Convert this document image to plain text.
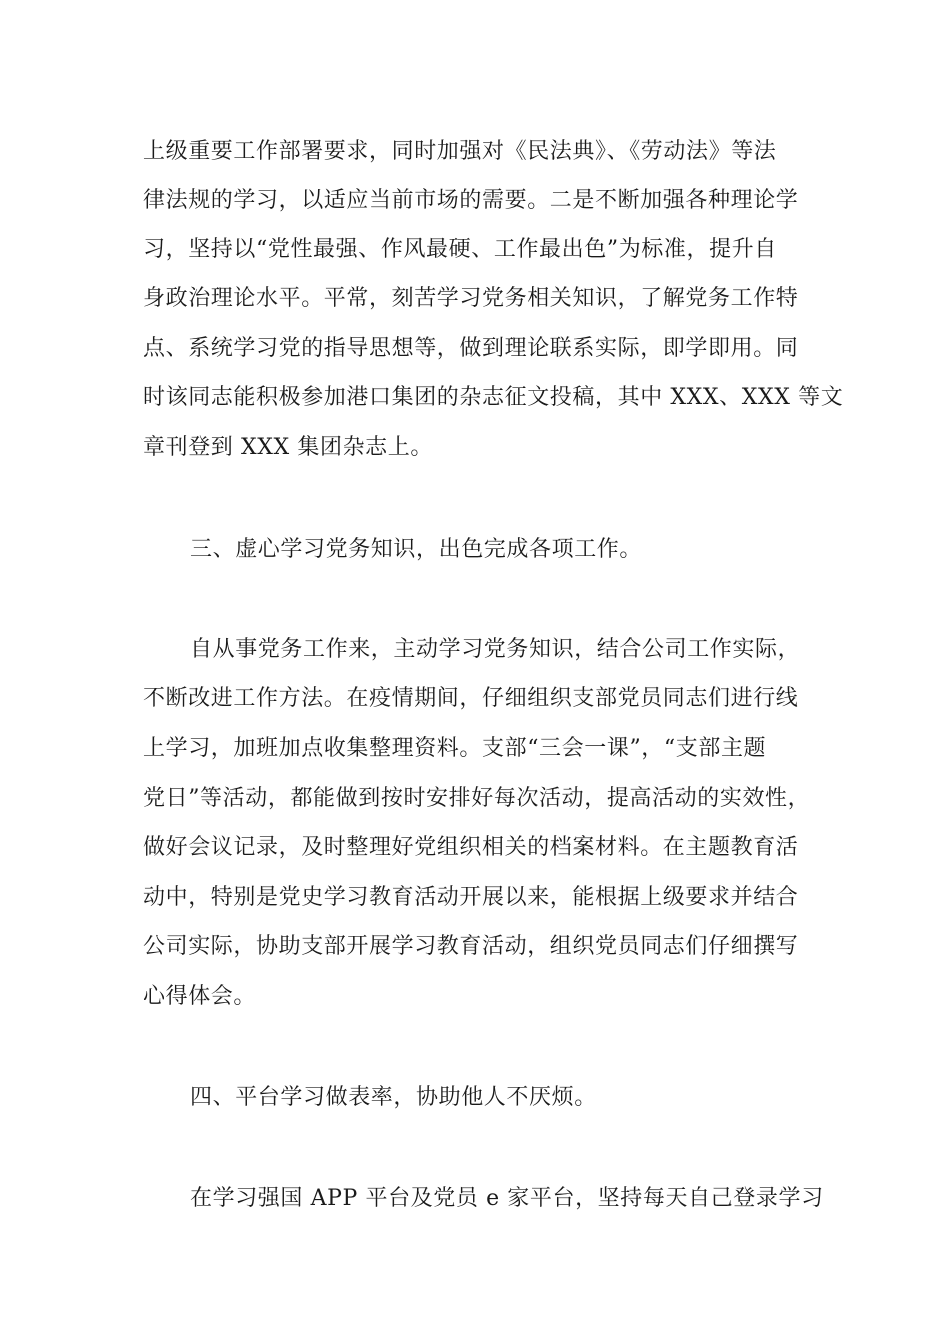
上级重要工作部署要求，同时加强对《民法典》、《劳动法》等法
律法规的学习，以适应当前市场的需要。二是不断加强各种理论学
习，坚持以“党性最强、作风最硬、工作最出色”为标准，提升自
身政治理论水平。平常，刻苦学习党务相关知识，了解党务工作特
点、系统学习党的指导思想等，做到理论联系实际，即学即用。同
时该同志能积极参加港口集团的杂志征文投稿，其中 XXX、XXX 等文
章刊登到 XXX 集团杂志上。
三、虚心学习党务知识，出色完成各项工作。
自从事党务工作来，主动学习党务知识，结合公司工作实际，
不断改进工作方法。在疫情期间，仔细组织支部党员同志们进行线
上学习，加班加点收集整理资料。支部“三会一课”，“支部主题
党日”等活动，都能做到按时安排好每次活动，提高活动的实效性，
做好会议记录，及时整理好党组织相关的档案材料。在主题教育活
动中，特别是党史学习教育活动开展以来，能根据上级要求并结合
公司实际，协助支部开展学习教育活动，组织党员同志们仔细撰写
心得体会。
四、平台学习做表率，协助他人不厌烦。
在学习强国 APP 平台及党员 e 家平台，坚持每天自己登录学习
